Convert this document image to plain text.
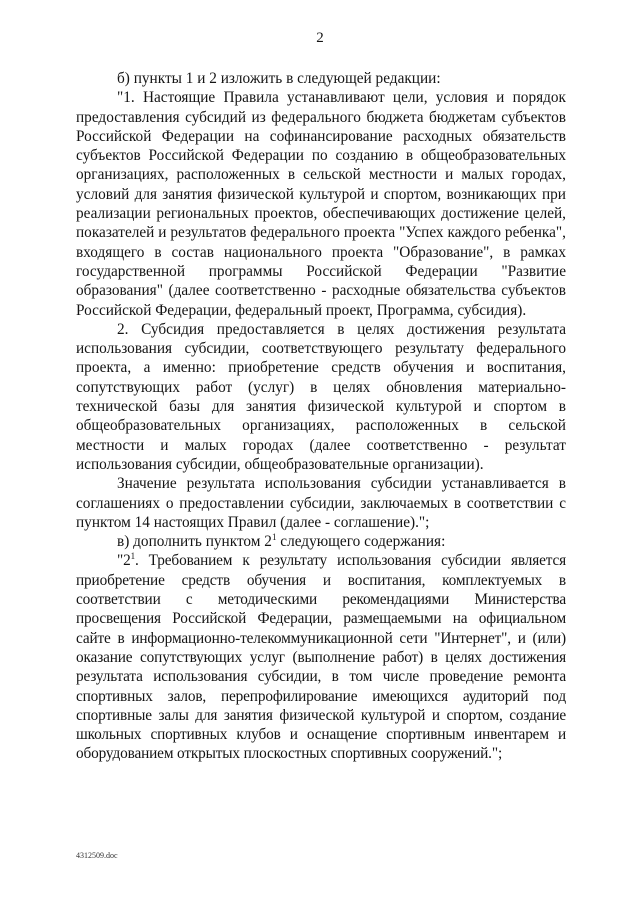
2

б) пункты 1 и 2 изложить в следующей редакции:

"1. Настоящие Правила устанавливают цели, условия и порядок предоставления субсидий из федерального бюджета бюджетам субъектов Российской Федерации на софинансирование расходных обязательств субъектов Российской Федерации по созданию в общеобразовательных организациях, расположенных в сельской местности и малых городах, условий для занятия физической культурой и спортом, возникающих при реализации региональных проектов, обеспечивающих достижение целей, показателей и результатов федерального проекта "Успех каждого ребенка", входящего в состав национального проекта "Образование", в рамках государственной программы Российской Федерации "Развитие образования" (далее соответственно - расходные обязательства субъектов Российской Федерации, федеральный проект, Программа, субсидия).

2. Субсидия предоставляется в целях достижения результата использования субсидии, соответствующего результату федерального проекта, а именно: приобретение средств обучения и воспитания, сопутствующих работ (услуг) в целях обновления материально-технической базы для занятия физической культурой и спортом в общеобразовательных организациях, расположенных в сельской местности и малых городах (далее соответственно - результат использования субсидии, общеобразовательные организации).

Значение результата использования субсидии устанавливается в соглашениях о предоставлении субсидии, заключаемых в соответствии с пунктом 14 настоящих Правил (далее - соглашение).";

в) дополнить пунктом $2^1$ следующего содержания:

"$2^1$. Требованием к результату использования субсидии является приобретение средств обучения и воспитания, комплектуемых в соответствии с методическими рекомендациями Министерства просвещения Российской Федерации, размещаемыми на официальном сайте в информационно-телекоммуникационной сети "Интернет", и (или) оказание сопутствующих услуг (выполнение работ) в целях достижения результата использования субсидии, в том числе проведение ремонта спортивных залов, перепрофилирование имеющихся аудиторий под спортивные залы для занятия физической культурой и спортом, создание школьных спортивных клубов и оснащение спортивным инвентарем и оборудованием открытых плоскостных спортивных сооружений.";

4312509.doc
